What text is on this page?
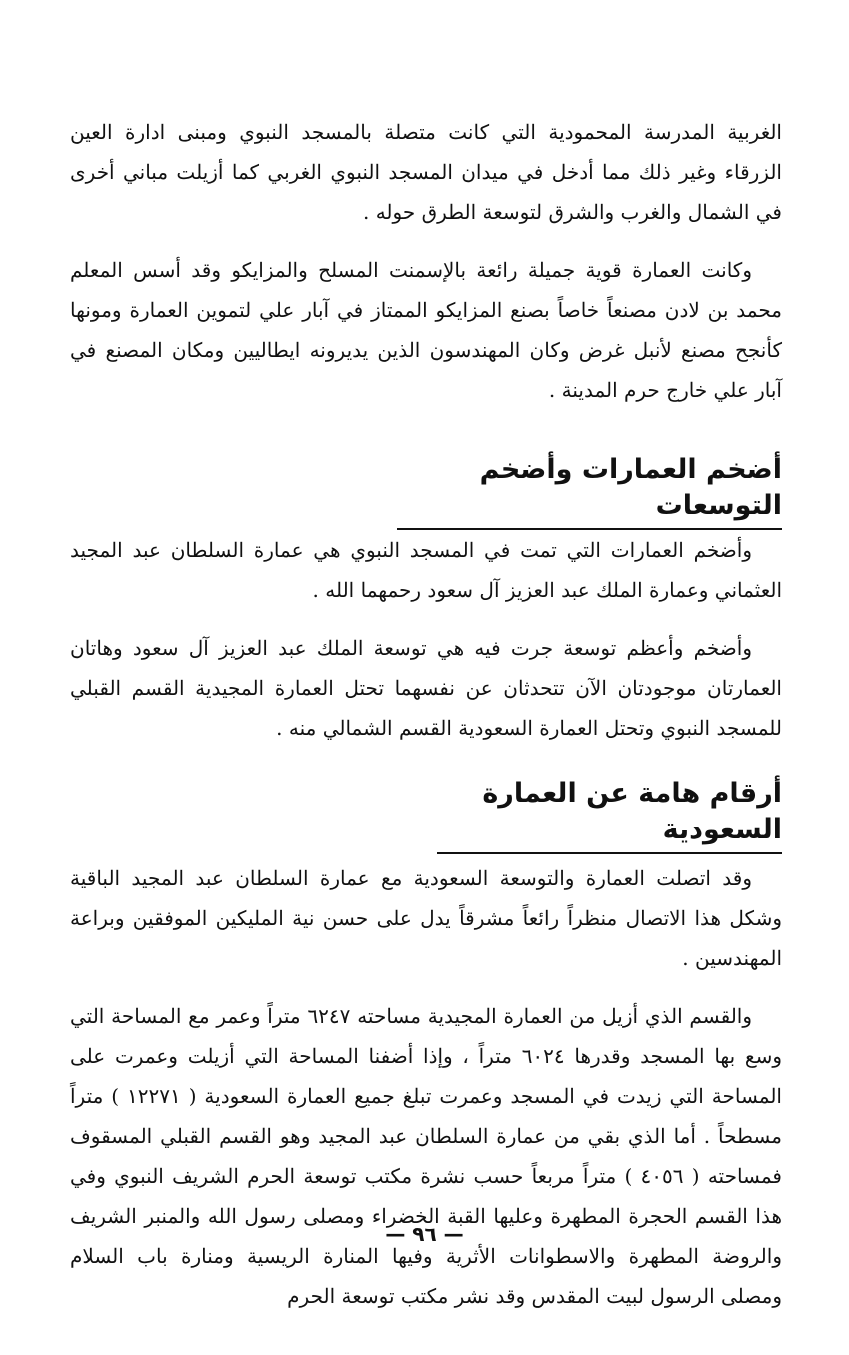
الغربية المدرسة المحمودية التي كانت متصلة بالمسجد النبوي ومبنى ادارة العين الزرقاء وغير ذلك مما أدخل في ميدان المسجد النبوي الغربي كما أزيلت مباني أخرى في الشمال والغرب والشرق لتوسعة الطرق حوله .

وكانت العمارة قوية جميلة رائعة بالإسمنت المسلح والمزايكو وقد أسس المعلم محمد بن لادن مصنعاً خاصاً بصنع المزايكو الممتاز في آبار علي لتموين العمارة ومونها كأنجح مصنع لأنبل غرض وكان المهندسون الذين يديرونه ايطاليين ومكان المصنع في آبار علي خارج حرم المدينة .

أضخم العمارات وأضخم التوسعات

وأضخم العمارات التي تمت في المسجد النبوي هي عمارة السلطان عبد المجيد العثماني وعمارة الملك عبد العزيز آل سعود رحمهما الله .

وأضخم وأعظم توسعة جرت فيه هي توسعة الملك عبد العزيز آل سعود وهاتان العمارتان موجودتان الآن تتحدثان عن نفسهما تحتل العمارة المجيدية القسم القبلي للمسجد النبوي وتحتل العمارة السعودية القسم الشمالي منه .

أرقام هامة عن العمارة السعودية

وقد اتصلت العمارة والتوسعة السعودية مع عمارة السلطان عبد المجيد الباقية وشكل هذا الاتصال منظراً رائعاً مشرقاً يدل على حسن نية المليكين الموفقين وبراعة المهندسين .

والقسم الذي أزيل من العمارة المجيدية مساحته ٦٢٤٧ متراً وعمر مع المساحة التي وسع بها المسجد وقدرها ٦٠٢٤ متراً ، وإذا أضفنا المساحة التي أزيلت وعمرت على المساحة التي زيدت في المسجد وعمرت تبلغ جميع العمارة السعودية ( ١٢٢٧١ ) متراً مسطحاً . أما الذي بقي من عمارة السلطان عبد المجيد وهو القسم القبلي المسقوف فمساحته ( ٤٠٥٦ ) متراً مربعاً حسب نشرة مكتب توسعة الحرم الشريف النبوي وفي هذا القسم الحجرة المطهرة وعليها القبة الخضراء ومصلى رسول الله والمنبر الشريف والروضة المطهرة والاسطوانات الأثرية وفيها المنارة الريسية ومنارة باب السلام ومصلى الرسول لبيت المقدس وقد نشر مكتب توسعة الحرم

— ٩٦ —
